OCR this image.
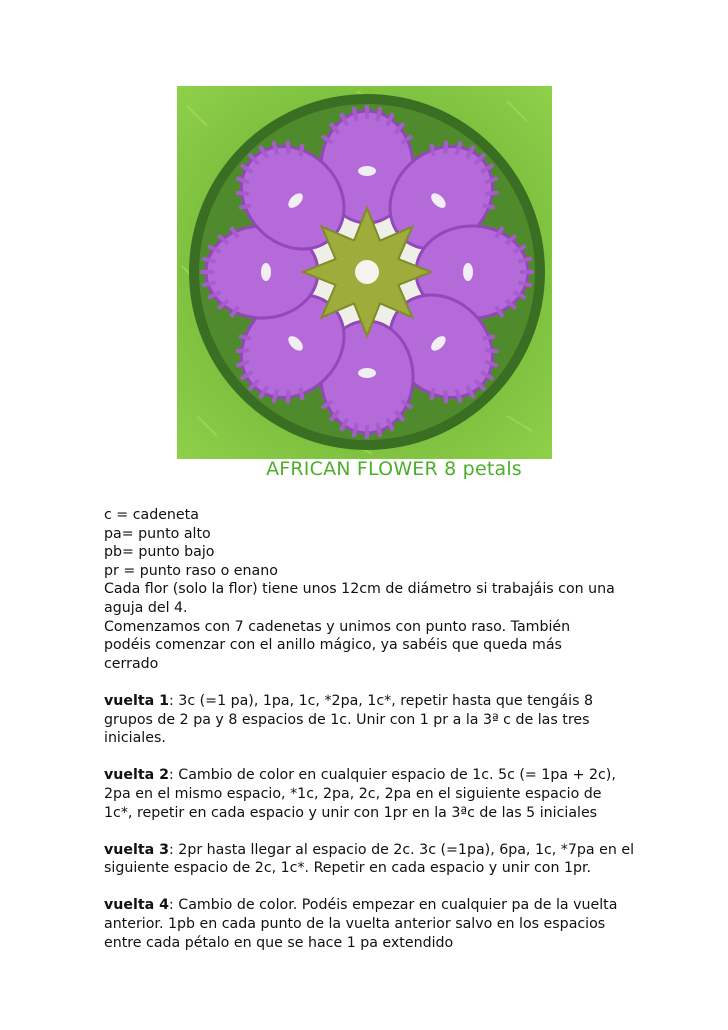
AFRICAN FLOWER 8 petals

c = cadeneta

pa= punto alto

pb= punto bajo

pr = punto raso o enano

Cada flor (solo la flor) tiene unos 12cm de diámetro si trabajáis con una

aguja del 4.

Comenzamos con 7 cadenetas y unimos con punto raso. También

podéis comenzar con el anillo mágico, ya sabéis que queda más

cerrado

vuelta 1: 3c (=1 pa), 1pa, 1c, *2pa, 1c*, repetir hasta que tengáis 8

grupos de 2 pa y 8 espacios de 1c. Unir con 1 pr a la 3ª c de las tres

iniciales.

vuelta 2: Cambio de color en cualquier espacio de 1c. 5c (= 1pa + 2c),

2pa en el mismo espacio, *1c, 2pa, 2c, 2pa en el siguiente espacio de

1c*, repetir en cada espacio y unir con 1pr en la 3ªc de las 5 iniciales

vuelta 3: 2pr hasta llegar al espacio de 2c. 3c (=1pa), 6pa, 1c, *7pa en el

siguiente espacio de 2c, 1c*. Repetir en cada espacio y unir con 1pr.

vuelta 4: Cambio de color. Podéis empezar en cualquier pa de la vuelta

anterior. 1pb en cada punto de la vuelta anterior salvo en los espacios

entre cada pétalo en que se hace 1 pa extendido
